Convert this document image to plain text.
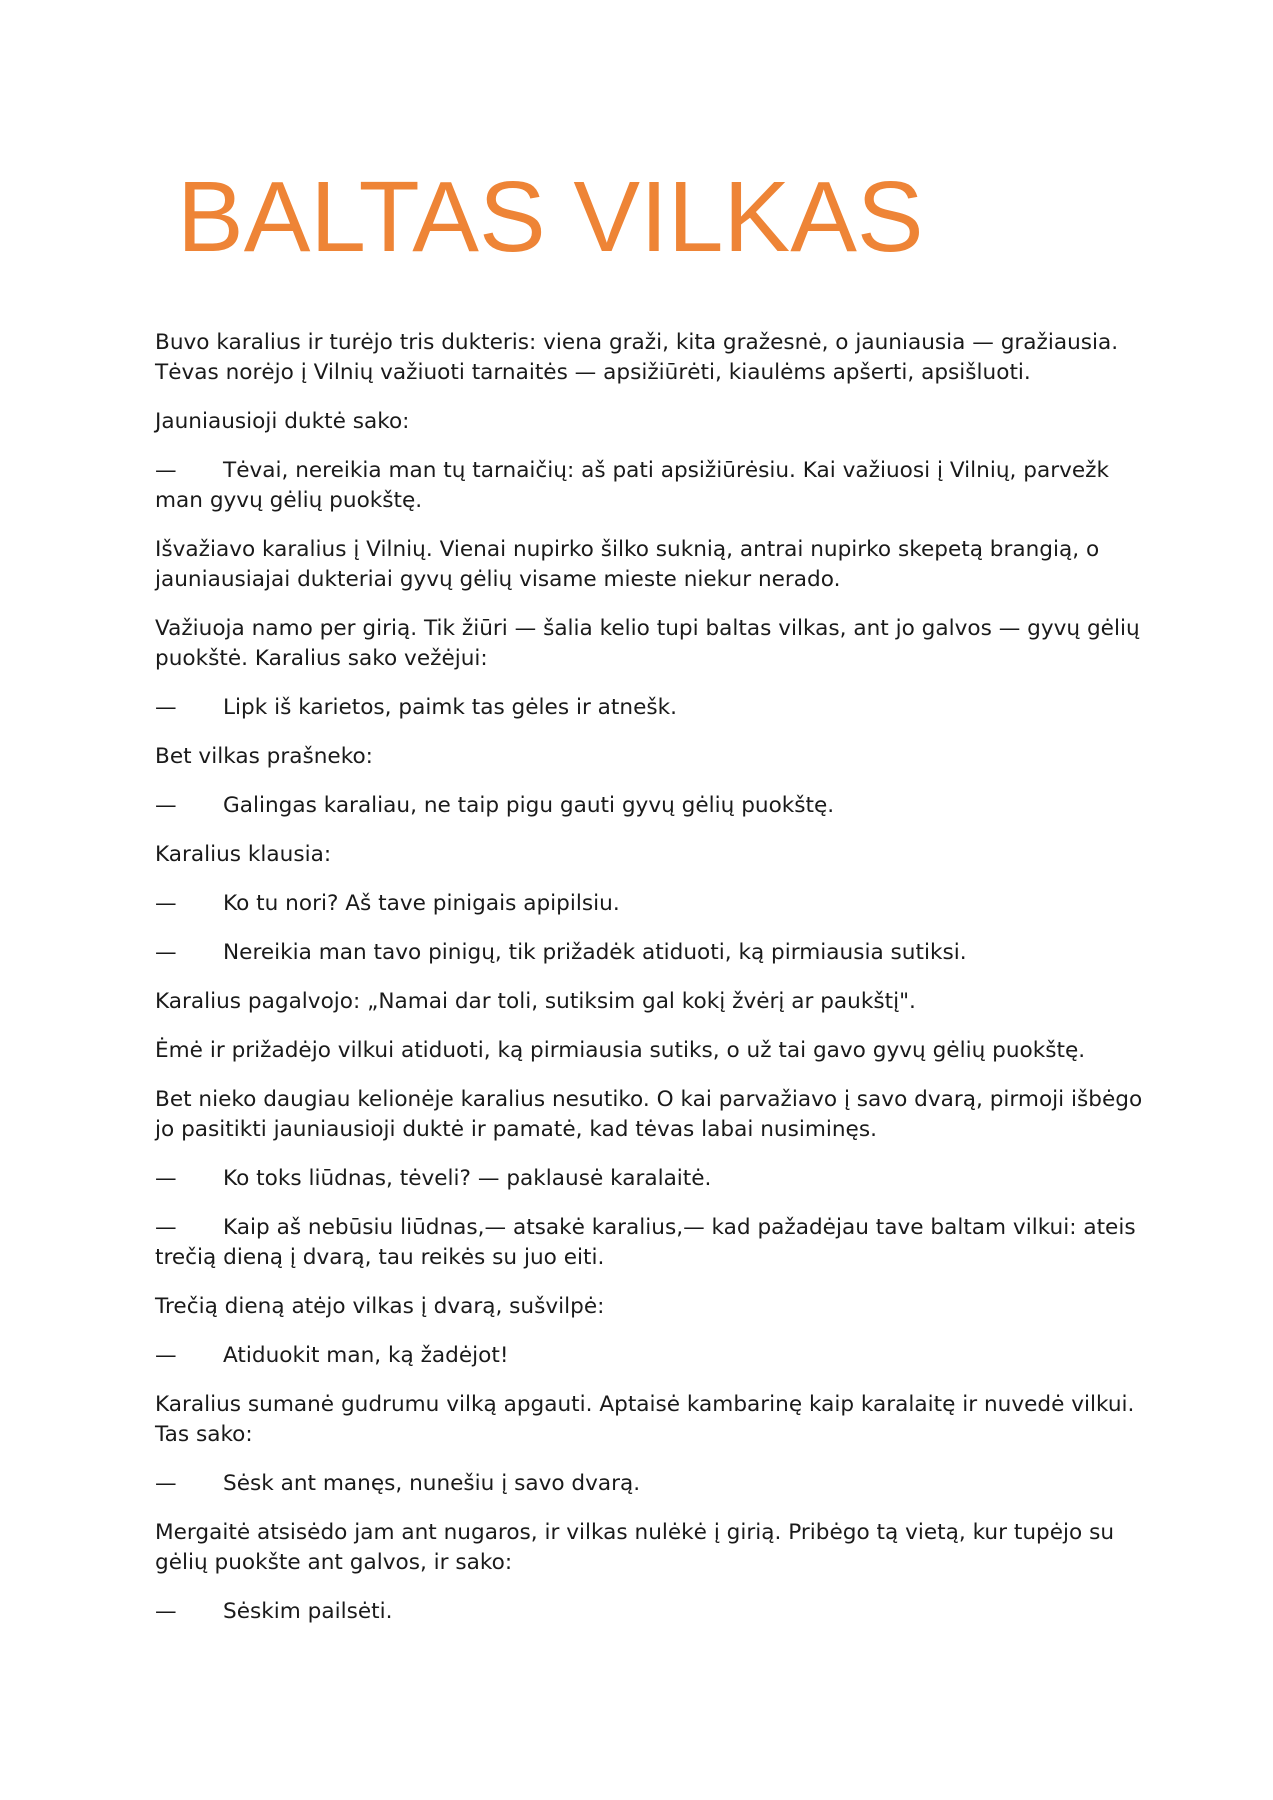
BALTAS VILKAS

Buvo karalius ir turėjo tris dukteris: viena graži, kita gražesnė, o jauniausia — gražiausia. Tėvas norėjo į Vilnių važiuoti tarnaitės — apsižiūrėti, kiaulėms apšerti, apsišluoti.

Jauniausioji duktė sako:

— Tėvai, nereikia man tų tarnaičių: aš pati apsižiūrėsiu. Kai važiuosi į Vilnių, parvežk man gyvų gėlių puokštę.

Išvažiavo karalius į Vilnių. Vienai nupirko šilko suknią, antrai nupirko skepetą brangią, o jauniausiajai dukteriai gyvų gėlių visame mieste niekur nerado.

Važiuoja namo per girią. Tik žiūri — šalia kelio tupi baltas vilkas, ant jo galvos — gyvų gėlių puokštė. Karalius sako vežėjui:

— Lipk iš karietos, paimk tas gėles ir atnešk.

Bet vilkas prašneko:

— Galingas karaliau, ne taip pigu gauti gyvų gėlių puokštę.

Karalius klausia:

— Ko tu nori? Aš tave pinigais apipilsiu.

— Nereikia man tavo pinigų, tik prižadėk atiduoti, ką pirmiausia sutiksi.

Karalius pagalvojo: „Namai dar toli, sutiksim gal kokį žvėrį ar paukštį".

Ėmė ir prižadėjo vilkui atiduoti, ką pirmiausia sutiks, o už tai gavo gyvų gėlių puokštę.

Bet nieko daugiau kelionėje karalius nesutiko. O kai parvažiavo į savo dvarą, pirmoji išbėgo jo pasitikti jauniausioji duktė ir pamatė, kad tėvas labai nusiminęs.

— Ko toks liūdnas, tėveli? — paklausė karalaitė.

— Kaip aš nebūsiu liūdnas,— atsakė karalius,— kad pažadėjau tave baltam vilkui: ateis trečią dieną į dvarą, tau reikės su juo eiti.

Trečią dieną atėjo vilkas į dvarą, sušvilpė:

— Atiduokit man, ką žadėjot!

Karalius sumanė gudrumu vilką apgauti. Aptaisė kambarinę kaip karalaitę ir nuvedė vilkui. Tas sako:

— Sėsk ant manęs, nunešiu į savo dvarą.

Mergaitė atsisėdo jam ant nugaros, ir vilkas nulėkė į girią. Pribėgo tą vietą, kur tupėjo su gėlių puokšte ant galvos, ir sako:

— Sėskim pailsėti.
